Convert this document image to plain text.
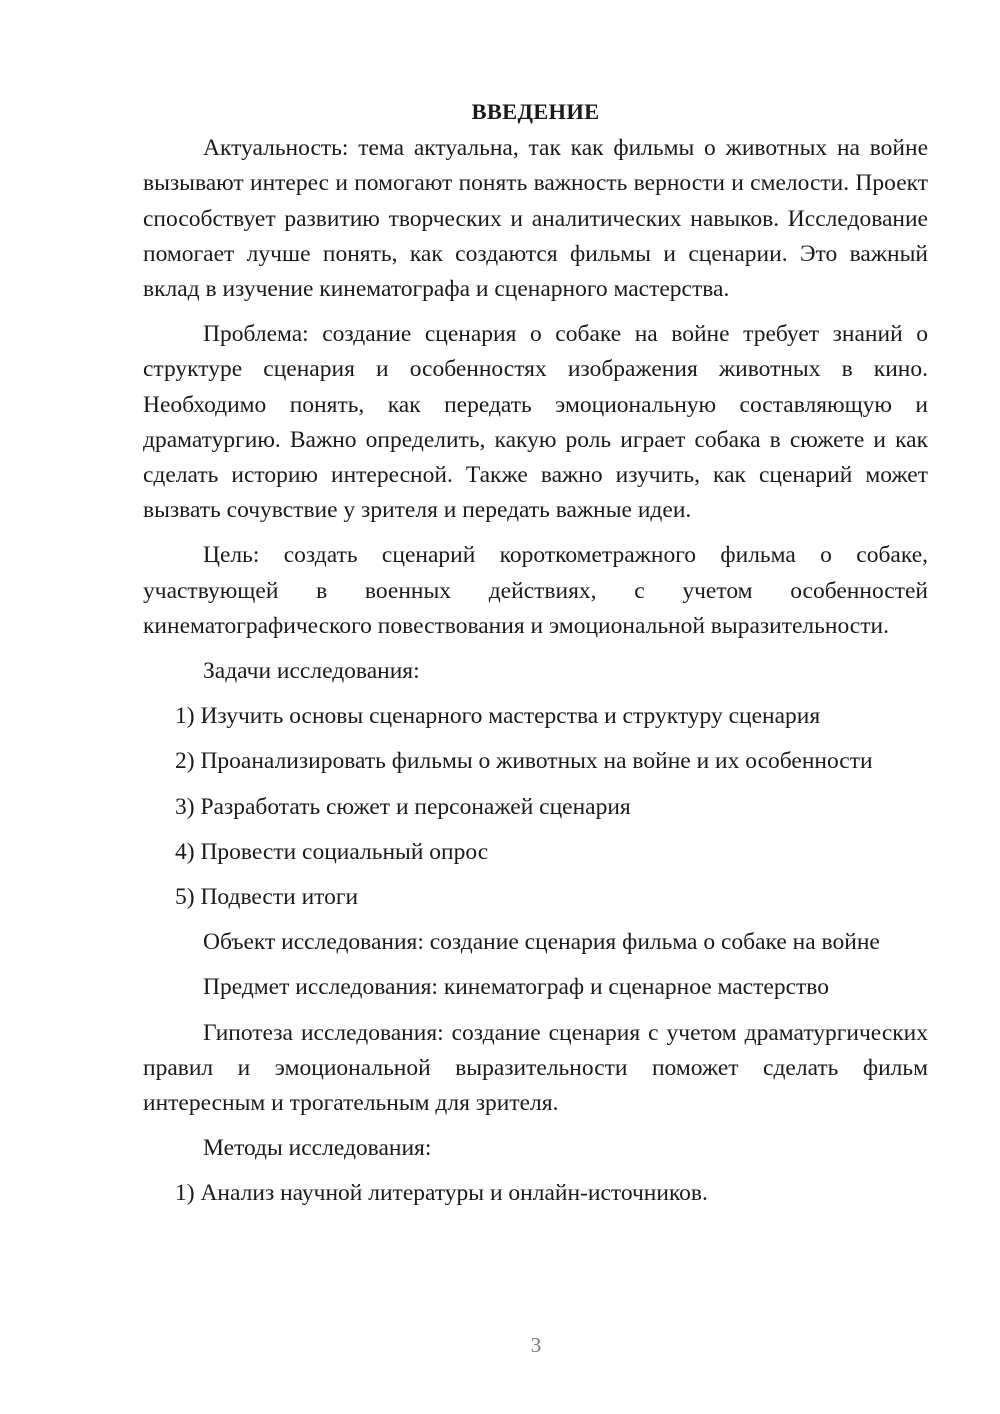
ВВЕДЕНИЕ

Актуальность: тема актуальна, так как фильмы о животных на войне вызывают интерес и помогают понять важность верности и смелости. Проект способствует развитию творческих и аналитических навыков. Исследование помогает лучше понять, как создаются фильмы и сценарии. Это важный вклад в изучение кинематографа и сценарного мастерства.

Проблема: создание сценария о собаке на войне требует знаний о структуре сценария и особенностях изображения животных в кино. Необходимо понять, как передать эмоциональную составляющую и драматургию. Важно определить, какую роль играет собака в сюжете и как сделать историю интересной. Также важно изучить, как сценарий может вызвать сочувствие у зрителя и передать важные идеи.

Цель: создать сценарий короткометражного фильма о собаке, участвующей в военных действиях, с учетом особенностей кинематографического повествования и эмоциональной выразительности.

Задачи исследования:
1) Изучить основы сценарного мастерства и структуру сценария
2) Проанализировать фильмы о животных на войне и их особенности
3) Разработать сюжет и персонажей сценария
4) Провести социальный опрос
5) Подвести итоги
Объект исследования: создание сценария фильма о собаке на войне
Предмет исследования: кинематограф и сценарное мастерство

Гипотеза исследования: создание сценария с учетом драматургических правил и эмоциональной выразительности поможет сделать фильм интересным и трогательным для зрителя.

Методы исследования:
1) Анализ научной литературы и онлайн-источников.
3
